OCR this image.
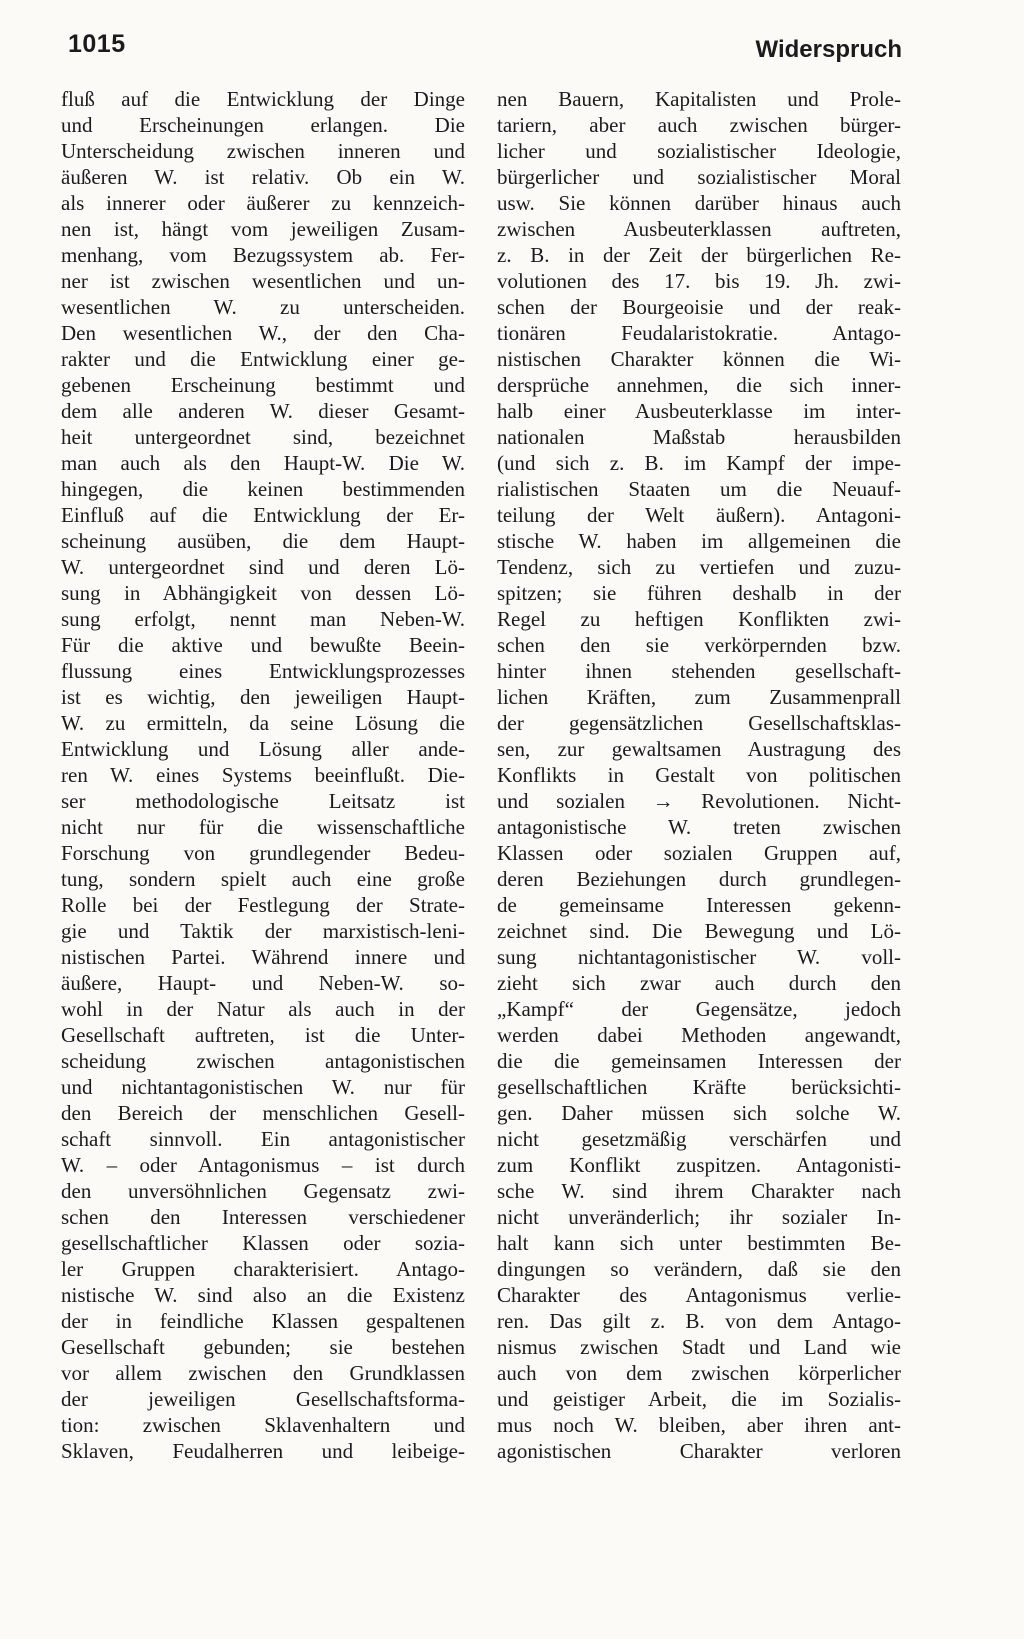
1015	Widerspruch
fluß auf die Entwicklung der Dinge
und Erscheinungen erlangen. Die
Unterscheidung zwischen inneren und
äußeren W. ist relativ. Ob ein W.
als innerer oder äußerer zu kennzeich-
nen ist, hängt vom jeweiligen Zusam-
menhang, vom Bezugssystem ab. Fer-
ner ist zwischen wesentlichen und un-
wesentlichen W. zu unterscheiden.
Den wesentlichen W., der den Cha-
rakter und die Entwicklung einer ge-
gebenen Erscheinung bestimmt und
dem alle anderen W. dieser Gesamt-
heit untergeordnet sind, bezeichnet
man auch als den Haupt-W. Die W.
hingegen, die keinen bestimmenden
Einfluß auf die Entwicklung der Er-
scheinung ausüben, die dem Haupt-
W. untergeordnet sind und deren Lö-
sung in Abhängigkeit von dessen Lö-
sung erfolgt, nennt man Neben-W.
Für die aktive und bewußte Beein-
flussung eines Entwicklungsprozesses
ist es wichtig, den jeweiligen Haupt-
W. zu ermitteln, da seine Lösung die
Entwicklung und Lösung aller ande-
ren W. eines Systems beeinflußt. Die-
ser methodologische Leitsatz ist
nicht nur für die wissenschaftliche
Forschung von grundlegender Bedeu-
tung, sondern spielt auch eine große
Rolle bei der Festlegung der Strate-
gie und Taktik der marxistisch-leni-
nistischen Partei. Während innere und
äußere, Haupt- und Neben-W. so-
wohl in der Natur als auch in der
Gesellschaft auftreten, ist die Unter-
scheidung zwischen antagonistischen
und nichtantagonistischen W. nur für
den Bereich der menschlichen Gesell-
schaft sinnvoll. Ein antagonistischer
W. – oder Antagonismus – ist durch
den unversöhnlichen Gegensatz zwi-
schen den Interessen verschiedener
gesellschaftlicher Klassen oder sozia-
ler Gruppen charakterisiert. Antago-
nistische W. sind also an die Existenz
der in feindliche Klassen gespaltenen
Gesellschaft gebunden; sie bestehen
vor allem zwischen den Grundklassen
der jeweiligen Gesellschaftsforma-
tion: zwischen Sklavenhaltern und
Sklaven, Feudalherren und leibeige-
nen Bauern, Kapitalisten und Prole-
tariern, aber auch zwischen bürger-
licher und sozialistischer Ideologie,
bürgerlicher und sozialistischer Moral
usw. Sie können darüber hinaus auch
zwischen Ausbeuterklassen auftreten,
z. B. in der Zeit der bürgerlichen Re-
volutionen des 17. bis 19. Jh. zwi-
schen der Bourgeoisie und der reak-
tionären Feudalaristokratie. Antago-
nistischen Charakter können die Wi-
dersprüche annehmen, die sich inner-
halb einer Ausbeuterklasse im inter-
nationalen Maßstab herausbilden
(und sich z. B. im Kampf der impe-
rialistischen Staaten um die Neuauf-
teilung der Welt äußern). Antagoni-
stische W. haben im allgemeinen die
Tendenz, sich zu vertiefen und zuzu-
spitzen; sie führen deshalb in der
Regel zu heftigen Konflikten zwi-
schen den sie verkörpernden bzw.
hinter ihnen stehenden gesellschaft-
lichen Kräften, zum Zusammenprall
der gegensätzlichen Gesellschaftsklas-
sen, zur gewaltsamen Austragung des
Konflikts in Gestalt von politischen
und sozialen → Revolutionen. Nicht-
antagonistische W. treten zwischen
Klassen oder sozialen Gruppen auf,
deren Beziehungen durch grundlegen-
de gemeinsame Interessen gekenn-
zeichnet sind. Die Bewegung und Lö-
sung nichtantagonistischer W. voll-
zieht sich zwar auch durch den
„Kampf“ der Gegensätze, jedoch
werden dabei Methoden angewandt,
die die gemeinsamen Interessen der
gesellschaftlichen Kräfte berücksichti-
gen. Daher müssen sich solche W.
nicht gesetzmäßig verschärfen und
zum Konflikt zuspitzen. Antagonisti-
sche W. sind ihrem Charakter nach
nicht unveränderlich; ihr sozialer In-
halt kann sich unter bestimmten Be-
dingungen so verändern, daß sie den
Charakter des Antagonismus verlie-
ren. Das gilt z. B. von dem Antago-
nismus zwischen Stadt und Land wie
auch von dem zwischen körperlicher
und geistiger Arbeit, die im Sozialis-
mus noch W. bleiben, aber ihren ant-
agonistischen Charakter verloren
